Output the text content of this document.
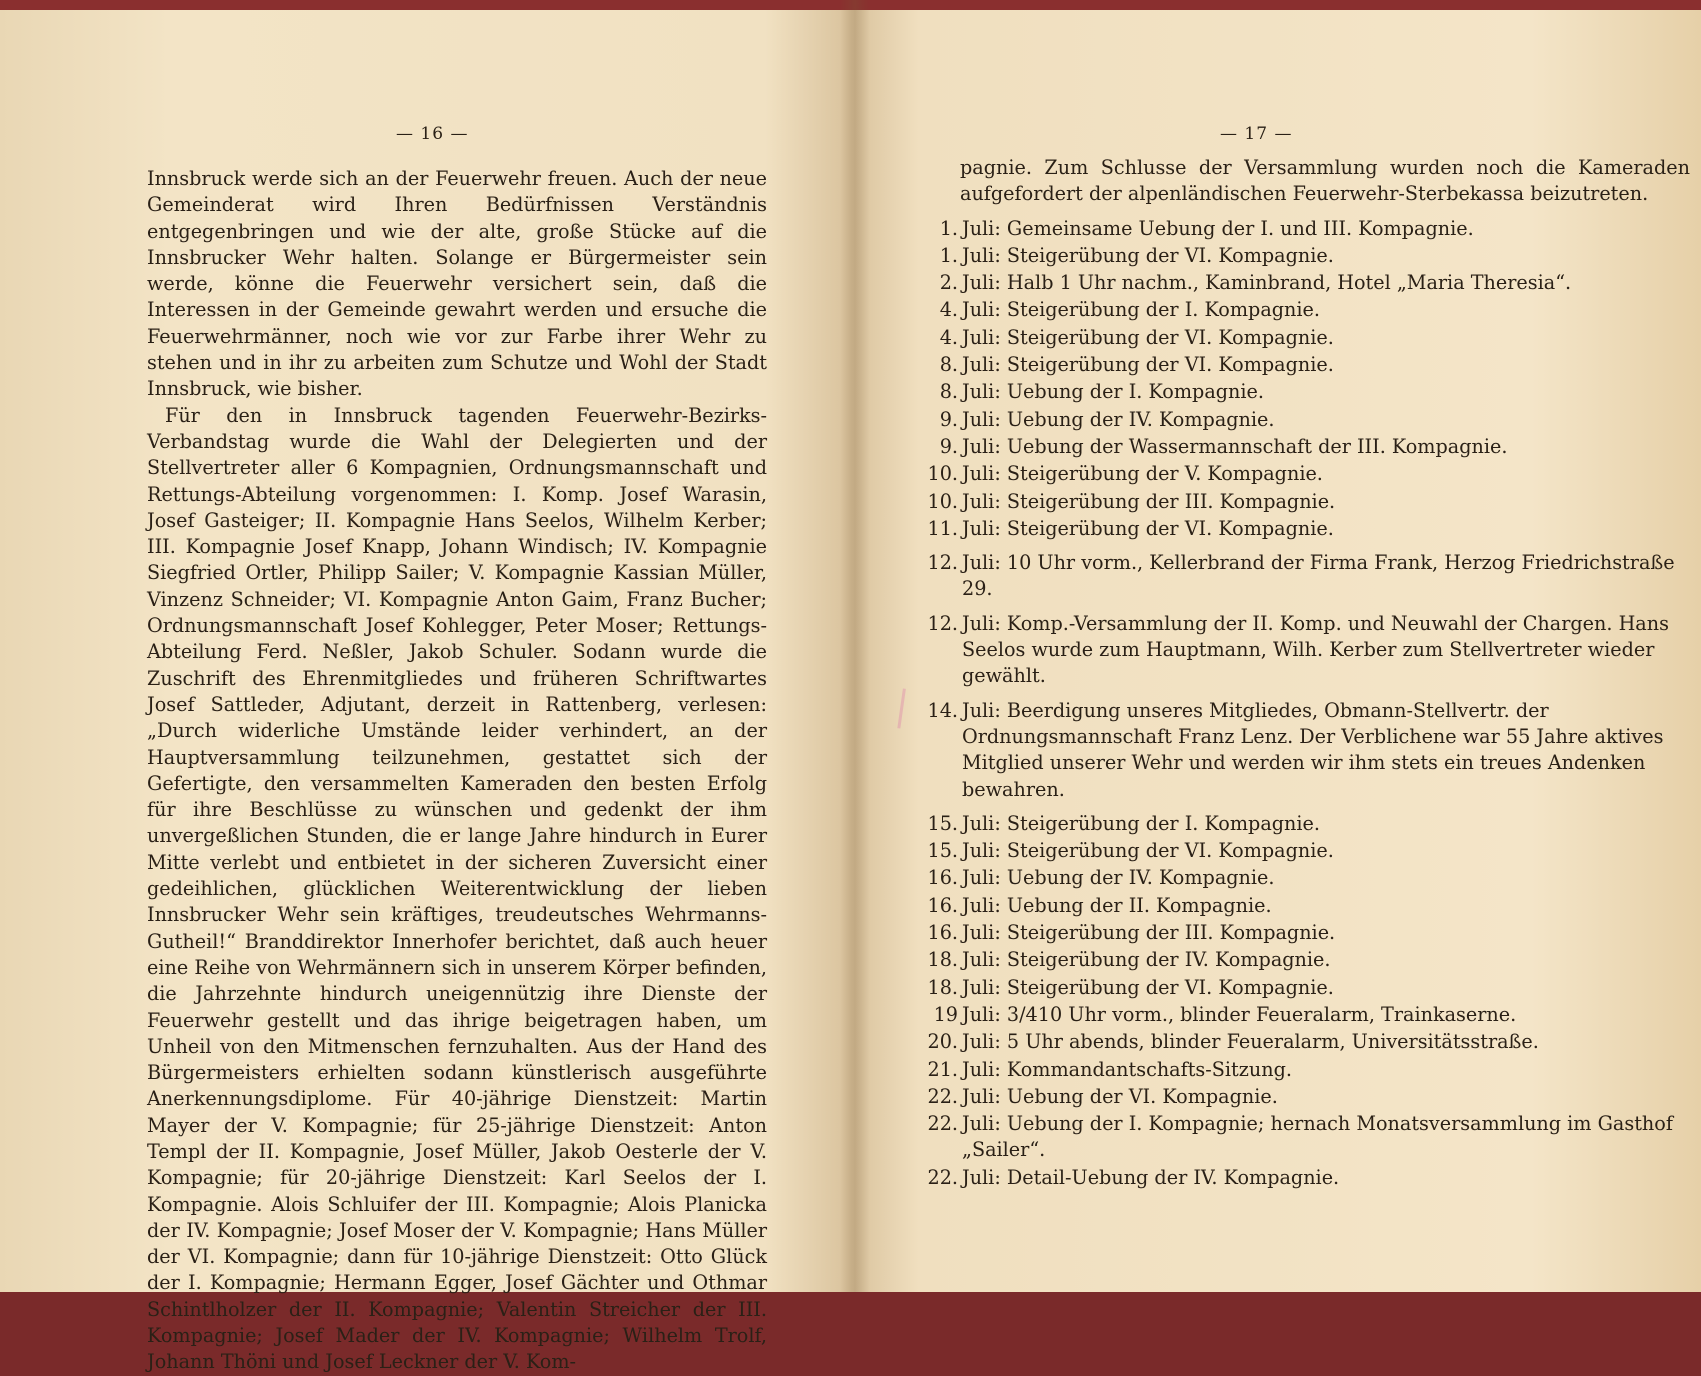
— 16 —

Innsbruck werde sich an der Feuerwehr freuen. Auch der neue Gemeinderat wird Ihren Bedürfnissen Verständnis entgegenbringen und wie der alte, große Stücke auf die Innsbrucker Wehr halten. Solange er Bürgermeister sein werde, könne die Feuerwehr versichert sein, daß die Interessen in der Gemeinde gewahrt werden und ersuche die Feuerwehrmänner, noch wie vor zur Farbe ihrer Wehr zu stehen und in ihr zu arbeiten zum Schutze und Wohl der Stadt Innsbruck, wie bisher.

Für den in Innsbruck tagenden Feuerwehr-Bezirks-Verbandstag wurde die Wahl der Delegierten und der Stellvertreter aller 6 Kompagnien, Ordnungsmannschaft und Rettungs-Abteilung vorgenommen: I. Komp. Josef Warasin, Josef Gasteiger; II. Kompagnie Hans Seelos, Wilhelm Kerber; III. Kompagnie Josef Knapp, Johann Windisch; IV. Kompagnie Siegfried Ortler, Philipp Sailer; V. Kompagnie Kassian Müller, Vinzenz Schneider; VI. Kompagnie Anton Gaim, Franz Bucher; Ordnungsmannschaft Josef Kohlegger, Peter Moser; Rettungs-Abteilung Ferd. Neßler, Jakob Schuler. Sodann wurde die Zuschrift des Ehrenmitgliedes und früheren Schriftwartes Josef Sattleder, Adjutant, derzeit in Rattenberg, verlesen: „Durch widerliche Umstände leider verhindert, an der Hauptversammlung teilzunehmen, gestattet sich der Gefertigte, den versammelten Kameraden den besten Erfolg für ihre Beschlüsse zu wünschen und gedenkt der ihm unvergeßlichen Stunden, die er lange Jahre hindurch in Eurer Mitte verlebt und entbietet in der sicheren Zuversicht einer gedeihlichen, glücklichen Weiterentwicklung der lieben Innsbrucker Wehr sein kräftiges, treudeutsches Wehrmanns-Gutheil!“ Branddirektor Innerhofer berichtet, daß auch heuer eine Reihe von Wehrmännern sich in unserem Körper befinden, die Jahrzehnte hindurch uneigennützig ihre Dienste der Feuerwehr gestellt und das ihrige beigetragen haben, um Unheil von den Mitmenschen fernzuhalten. Aus der Hand des Bürgermeisters erhielten sodann künstlerisch ausgeführte Anerkennungsdiplome. Für 40-jährige Dienstzeit: Martin Mayer der V. Kompagnie; für 25-jährige Dienstzeit: Anton Templ der II. Kompagnie, Josef Müller, Jakob Oesterle der V. Kompagnie; für 20-jährige Dienstzeit: Karl Seelos der I. Kompagnie. Alois Schluifer der III. Kompagnie; Alois Planicka der IV. Kompagnie; Josef Moser der V. Kompagnie; Hans Müller der VI. Kompagnie; dann für 10-jährige Dienstzeit: Otto Glück der I. Kompagnie; Hermann Egger, Josef Gächter und Othmar Schintlholzer der II. Kompagnie; Valentin Streicher der III. Kompagnie; Josef Mader der IV. Kompagnie; Wilhelm Trolf, Johann Thöni und Josef Leckner der V. Kom-

— 17 —

pagnie. Zum Schlusse der Versammlung wurden noch die Kameraden aufgefordert der alpenländischen Feuerwehr-Sterbekassa beizutreten.

1. Juli: Gemeinsame Uebung der I. und III. Kompagnie.
1. Juli: Steigerübung der VI. Kompagnie.
2. Juli: Halb 1 Uhr nachm., Kaminbrand, Hotel „Maria Theresia“.
4. Juli: Steigerübung der I. Kompagnie.
4. Juli: Steigerübung der VI. Kompagnie.
8. Juli: Steigerübung der VI. Kompagnie.
8. Juli: Uebung der I. Kompagnie.
9. Juli: Uebung der IV. Kompagnie.
9. Juli: Uebung der Wassermannschaft der III. Kompagnie.
10. Juli: Steigerübung der V. Kompagnie.
10. Juli: Steigerübung der III. Kompagnie.
11. Juli: Steigerübung der VI. Kompagnie.
12. Juli: 10 Uhr vorm., Kellerbrand der Firma Frank, Herzog Friedrichstraße 29.
12. Juli: Komp.-Versammlung der II. Komp. und Neuwahl der Chargen. Hans Seelos wurde zum Hauptmann, Wilh. Kerber zum Stellvertreter wieder gewählt.
14. Juli: Beerdigung unseres Mitgliedes, Obmann-Stellvertr. der Ordnungsmannschaft Franz Lenz. Der Verblichene war 55 Jahre aktives Mitglied unserer Wehr und werden wir ihm stets ein treues Andenken bewahren.
15. Juli: Steigerübung der I. Kompagnie.
15. Juli: Steigerübung der VI. Kompagnie.
16. Juli: Uebung der IV. Kompagnie.
16. Juli: Uebung der II. Kompagnie.
16. Juli: Steigerübung der III. Kompagnie.
18. Juli: Steigerübung der IV. Kompagnie.
18. Juli: Steigerübung der VI. Kompagnie.
19 Juli: 3/410 Uhr vorm., blinder Feueralarm, Trainkaserne.
20. Juli: 5 Uhr abends, blinder Feueralarm, Universitätsstraße.
21. Juli: Kommandantschafts-Sitzung.
22. Juli: Uebung der VI. Kompagnie.
22. Juli: Uebung der I. Kompagnie; hernach Monatsversammlung im Gasthof „Sailer“.
22. Juli: Detail-Uebung der IV. Kompagnie.
